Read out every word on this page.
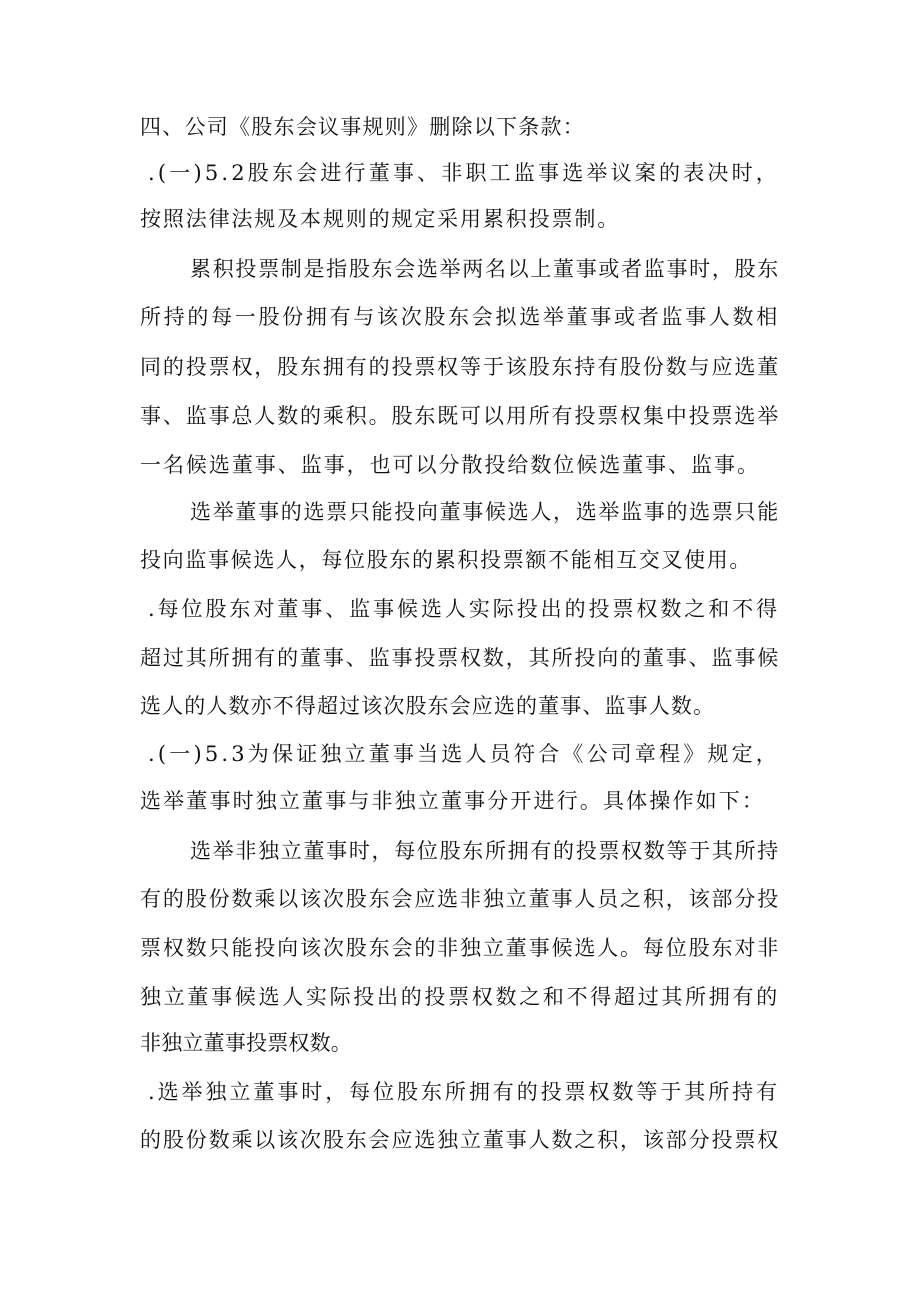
四、公司《股东会议事规则》删除以下条款：

.(一)5.2股东会进行董事、非职工监事选举议案的表决时，

按照法律法规及本规则的规定采用累积投票制。

累积投票制是指股东会选举两名以上董事或者监事时，股东

所持的每一股份拥有与该次股东会拟选举董事或者监事人数相

同的投票权，股东拥有的投票权等于该股东持有股份数与应选董

事、监事总人数的乘积。股东既可以用所有投票权集中投票选举

一名候选董事、监事，也可以分散投给数位候选董事、监事。

选举董事的选票只能投向董事候选人，选举监事的选票只能

投向监事候选人，每位股东的累积投票额不能相互交叉使用。

.每位股东对董事、监事候选人实际投出的投票权数之和不得

超过其所拥有的董事、监事投票权数，其所投向的董事、监事候

选人的人数亦不得超过该次股东会应选的董事、监事人数。

.(一)5.3为保证独立董事当选人员符合《公司章程》规定，

选举董事时独立董事与非独立董事分开进行。具体操作如下：

选举非独立董事时，每位股东所拥有的投票权数等于其所持

有的股份数乘以该次股东会应选非独立董事人员之积，该部分投

票权数只能投向该次股东会的非独立董事候选人。每位股东对非

独立董事候选人实际投出的投票权数之和不得超过其所拥有的

非独立董事投票权数。

.选举独立董事时，每位股东所拥有的投票权数等于其所持有

的股份数乘以该次股东会应选独立董事人数之积，该部分投票权
